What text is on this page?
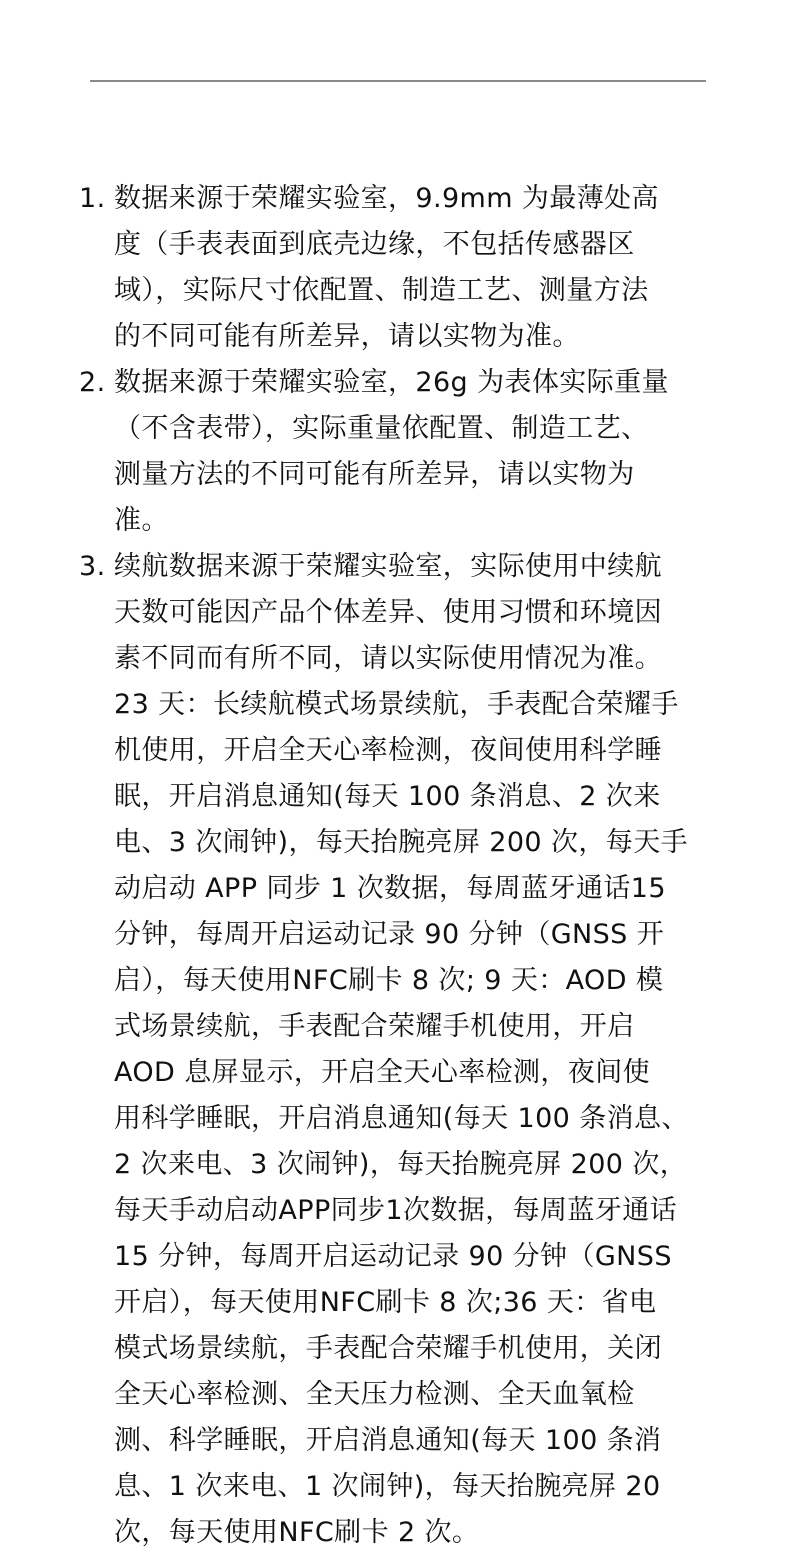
1. 数据来源于荣耀实验室，9.9mm 为最薄处高
度（手表表面到底壳边缘，不包括传感器区
域），实际尺寸依配置、制造工艺、测量方法
的不同可能有所差异，请以实物为准。
2. 数据来源于荣耀实验室，26g 为表体实际重量
（不含表带），实际重量依配置、制造工艺、
测量方法的不同可能有所差异，请以实物为
准。
3. 续航数据来源于荣耀实验室，实际使用中续航
天数可能因产品个体差异、使用习惯和环境因
素不同而有所不同，请以实际使用情况为准。
23 天：长续航模式场景续航，手表配合荣耀手
机使用，开启全天心率检测，夜间使用科学睡
眠，开启消息通知(每天 100 条消息、2 次来
电、3 次闹钟)，每天抬腕亮屏 200 次，每天手
动启动 APP 同步 1 次数据，每周蓝牙通话15
分钟，每周开启运动记录 90 分钟（GNSS 开
启），每天使用NFC刷卡 8 次; 9 天：AOD 模
式场景续航，手表配合荣耀手机使用，开启
AOD 息屏显示，开启全天心率检测，夜间使
用科学睡眠，开启消息通知(每天 100 条消息、
2 次来电、3 次闹钟)，每天抬腕亮屏 200 次，
每天手动启动APP同步1次数据，每周蓝牙通话
15 分钟，每周开启运动记录 90 分钟（GNSS
开启），每天使用NFC刷卡 8 次;36 天：省电
模式场景续航，手表配合荣耀手机使用，关闭
全天心率检测、全天压力检测、全天血氧检
测、科学睡眠，开启消息通知(每天 100 条消
息、1 次来电、1 次闹钟)，每天抬腕亮屏 20
次，每天使用NFC刷卡 2 次。
